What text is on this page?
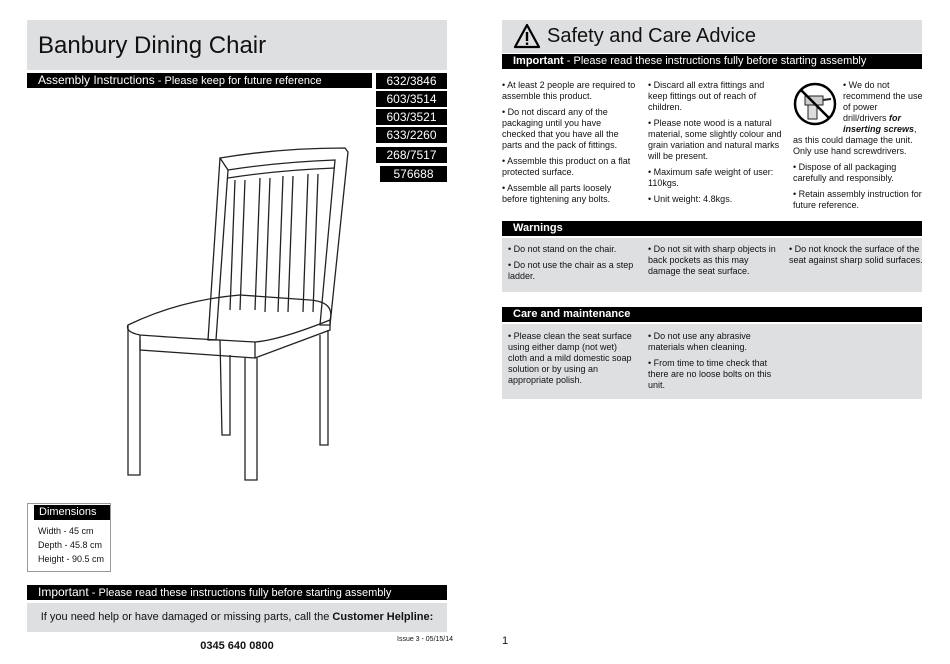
Banbury Dining Chair
Assembly Instructions - Please keep for future reference	632/3846
603/3514
603/3521
633/2260
268/7517
576688
Dimensions

Width - 45 cm

Depth - 45.8 cm

Height - 90.5 cm

Important - Please read these instructions fully before starting assembly
If you need help or have damaged or missing parts, call the Customer Helpline: 0345 640 0800
Issue 3 - 05/15/14
Safety and Care Advice
Important - Please read these instructions fully before starting assembly

• At least 2 people are required to assemble this product.

• Do not discard any of the packaging until you have checked that you have all the parts and the pack of fittings.

• Assemble this product on a flat protected surface.

• Assemble all parts loosely before tightening any bolts.

• Discard all extra fittings and keep fittings out of reach of children.

• Please note wood is a natural material, some slightly colour and grain variation and natural marks will be present.

• Maximum safe weight of user: 110kgs.

• Unit weight: 4.8kgs.

• We do not recommend the use of power drill/drivers for inserting screws, as this could damage the unit. Only use hand screwdrivers.

• Dispose of all packaging carefully and responsibly.

• Retain assembly instruction for future reference.

Warnings

• Do not stand on the chair.

• Do not use the chair as a step ladder.

• Do not sit with sharp objects in back pockets as this may damage the seat surface.

• Do not knock the surface of the seat against sharp solid surfaces.

Care and maintenance

• Please clean the seat surface using either damp (not wet) cloth and a mild domestic soap solution or by using an appropriate polish.

• Do not use any abrasive materials when cleaning.

• From time to time check that there are no loose bolts on this unit.

1
